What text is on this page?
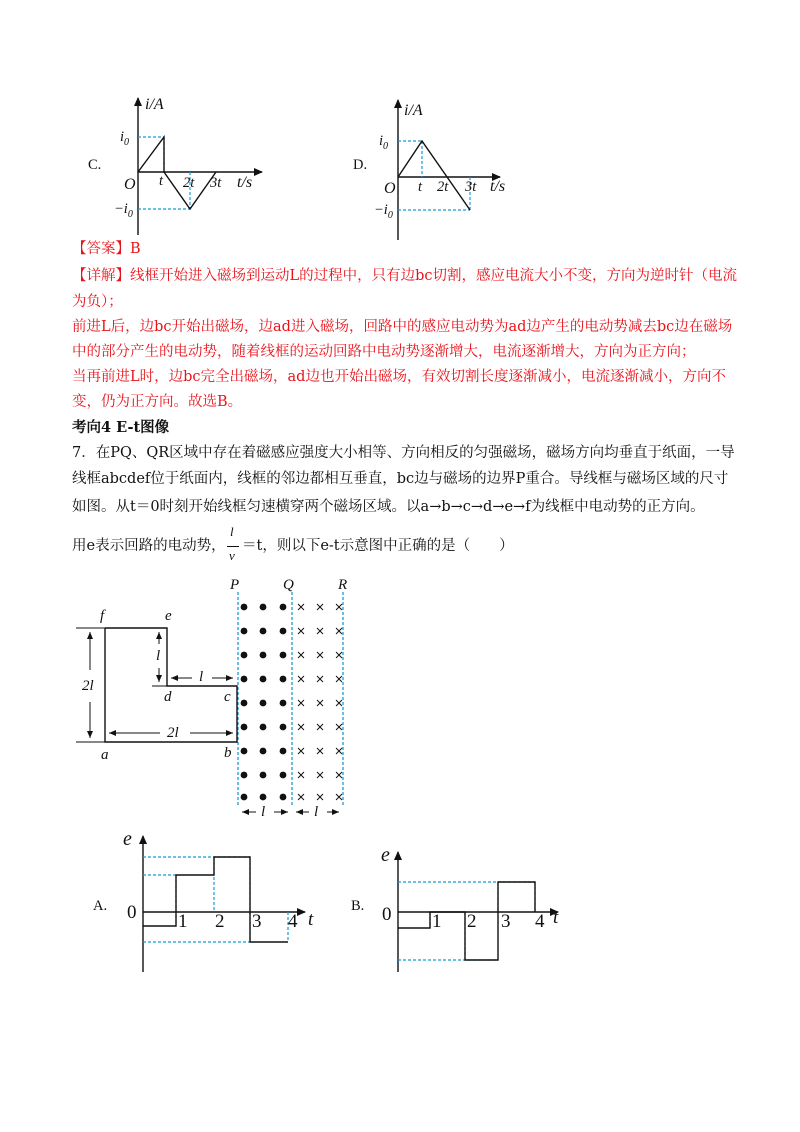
C.
i/A
$i_0$
O t 2t 3t t/s
$-i_0$
D.
i/A
$i_0$
O t 2t 3t t/s
$-i_0$
【答案】B
【详解】线框开始进入磁场到运动L的过程中，只有边bc切割，感应电流大小不变，方向为逆时针（电流
为负）；
前进L后，边bc开始出磁场，边ad进入磁场，回路中的感应电动势为ad边产生的电动势减去bc边在磁场
中的部分产生的电动势，随着线框的运动回路中电动势逐渐增大，电流逐渐增大，方向为正方向；
当再前进L时，边bc完全出磁场，ad边也开始出磁场，有效切割长度逐渐减小，电流逐渐减小，方向不
变，仍为正方向。故选B。
考向4 E-t图像
7．在PQ、QR区域中存在着磁感应强度大小相等、方向相反的匀强磁场，磁场方向均垂直于纸面，一导
线框abcdef位于纸面内，线框的邻边都相互垂直，bc边与磁场的边界P重合。导线框与磁场区域的尺寸
如图。从t＝0时刻开始线框匀速横穿两个磁场区域。以a→b→c→d→e→f为线框中电动势的正方向。
用e表示回路的电动势，
l
v
＝t，则以下e-t示意图中正确的是（　　）
P	Q	R
f	e
d	c
a	b
2l
l
l
2l
l	l
A.
e
0 1 2 3 4 t
B.
e
0 1 2 3 4 t
